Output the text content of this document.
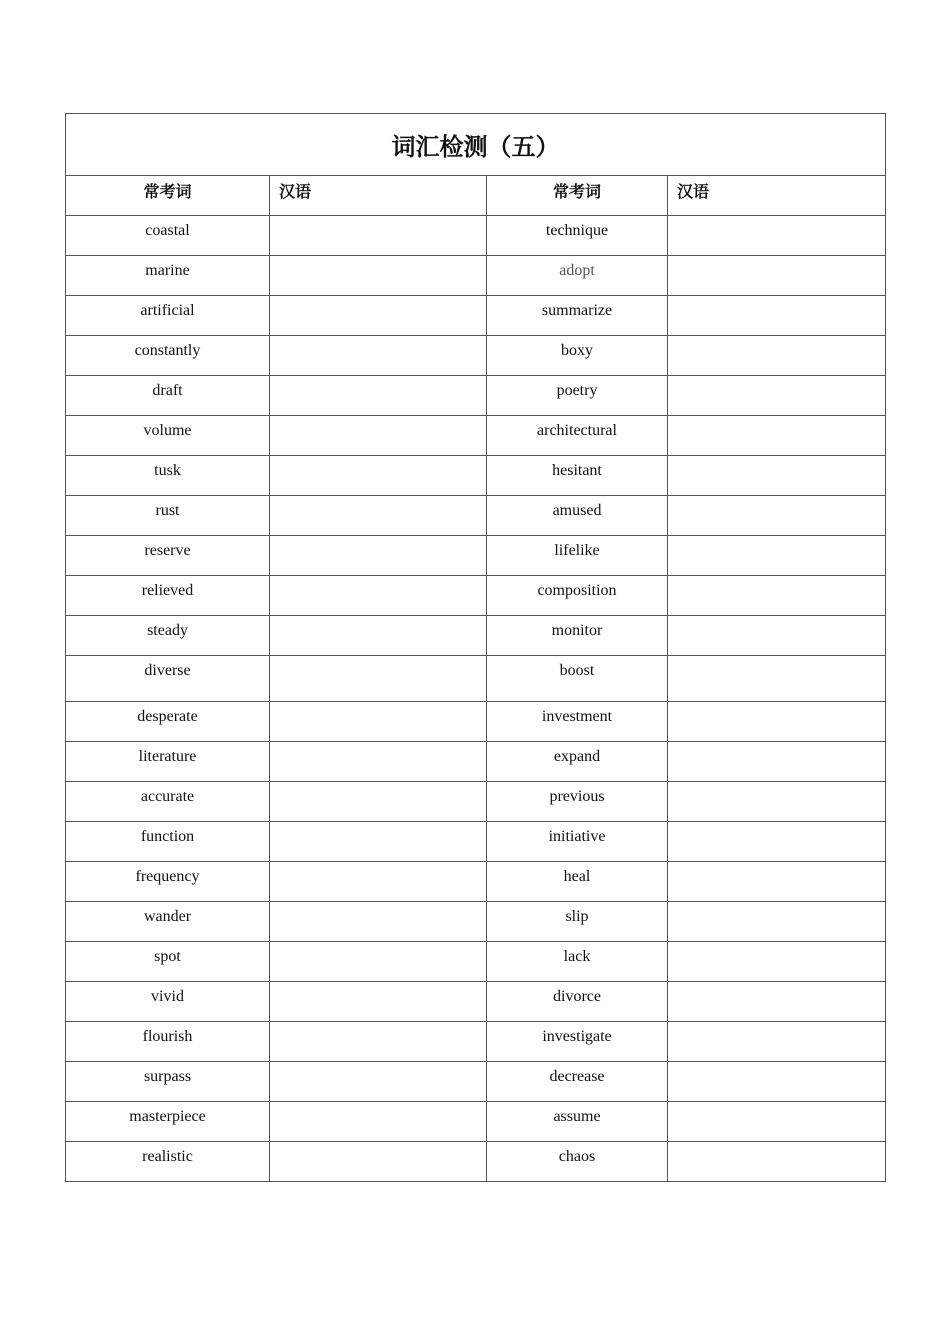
词汇检测（五）			
常考词	汉语	常考词	汉语
coastal		technique	
marine		adopt	
artificial		summarize	
constantly		boxy	
draft		poetry	
volume		architectural	
tusk		hesitant	
rust		amused	
reserve		lifelike	
relieved		composition	
steady		monitor	
diverse		boost	
desperate		investment	
literature		expand	
accurate		previous	
function		initiative	
frequency		heal	
wander		slip	
spot		lack	
vivid		divorce	
flourish		investigate	
surpass		decrease	
masterpiece		assume	
realistic		chaos	
